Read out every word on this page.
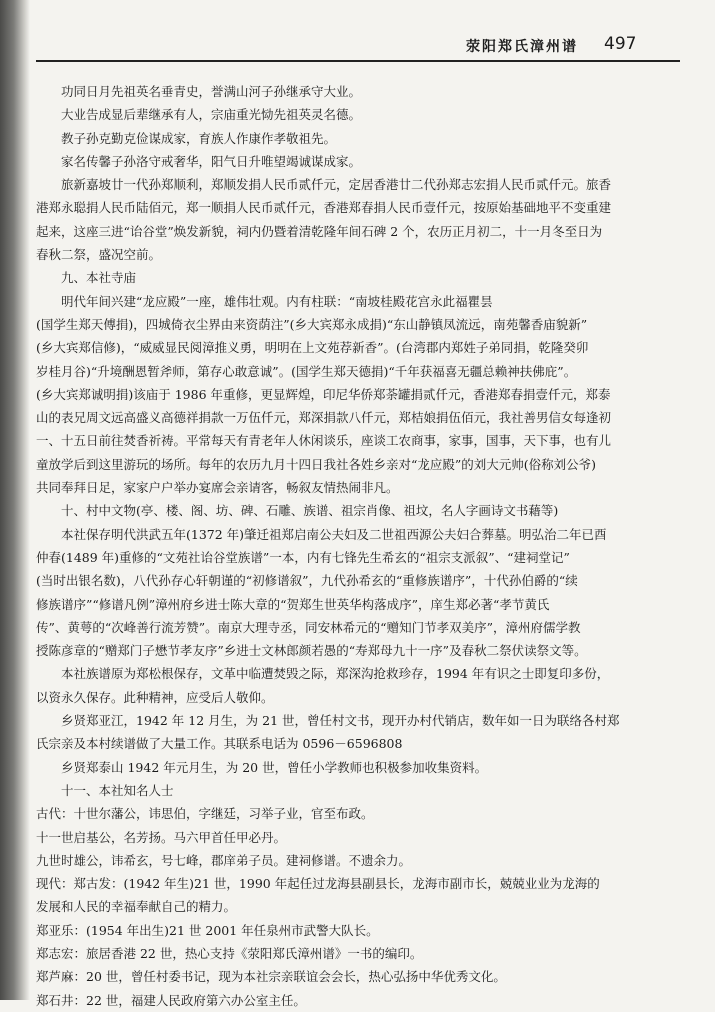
荥阳郑氏漳州谱 497

功同日月先祖英名垂青史，誉满山河子孙继承守大业。

大业告成显后辈继承有人，宗庙重光恸先祖英灵名德。

教子孙克勤克俭谋成家，育族人作康作孝敬祖先。

家名传馨子孙洛守戒奢华，阳气日升唯望竭诚谋成家。

旅新嘉坡廿一代孙郑顺利，郑顺发捐人民币贰仟元，定居香港廿二代孙郑志宏捐人民币贰仟元。旅香

港郑永聪捐人民币陆佰元，郑一顺捐人民币贰仟元，香港郑春捐人民币壹仟元，按原始基础地平不变重建

起来，这座三进“诒谷堂”焕发新貌，祠内仍暨着清乾隆年间石碑 2 个，农历正月初二，十一月冬至日为

春秋二祭，盛况空前。

九、本社寺庙

明代年间兴建“龙应殿”一座，雄伟壮观。内有柱联：“南坡桂殿花宫永此福瞿昙

(国学生郑天傅捐)，四城倚衣尘界由来资荫注”(乡大宾郑永成捐)“东山静镇凤流远，南苑馨香庙貌新”

(乡大宾郑信修)，“威威显民阅漳推义勇，明明在上文苑荐新香”。(台湾郡内郑姓子弟同捐，乾隆癸卯

岁桂月谷)“升境酬恩暂斧师，第存心敢意诚”。(国学生郑天德捐)“千年获福喜无疆总赖神扶佛庇”。

(乡大宾郑诚明捐)该庙于 1986 年重修，更显辉煌，印尼华侨郑荼罐捐贰仟元，香港郑春捐壹仟元，郑泰

山的表兄周文远高盛义高德祥捐款一万伍仟元，郑深捐款八仟元，郑桔娘捐伍佰元，我社善男信女每逢初

一、十五日前往焚香祈祷。平常每天有青老年人休闲谈乐，座谈工农商事，家事，国事，天下事，也有儿

童放学后到这里游玩的场所。每年的农历九月十四日我社各姓乡亲对“龙应殿”的刘大元帅(俗称刘公爷)

共同奉拜日足，家家户户举办宴席会亲请客，畅叙友情热闹非凡。

十、村中文物(亭、楼、阁、坊、碑、石雕、族谱、祖宗肖像、祖坟，名人字画诗文书藉等)

本社保存明代洪武五年(1372 年)肇迁祖郑启南公夫妇及二世祖西源公夫妇合葬墓。明弘治二年已酉

仲春(1489 年)重修的“文苑社诒谷堂族谱”一本，内有七锋先生希玄的“祖宗支派叙”、“建祠堂记”

(当时出银名数)，八代孙存心轩朝谨的“初修谱叙”，九代孙希玄的“重修族谱序”，十代孙伯爵的“续

修族谱序”“修谱凡例”漳州府乡进士陈大章的“贺郑生世英华构落成序”，庠生郑必著“孝节黄氏

传”、黄萼的“次峰善行流芳赞”。南京大理寺丞，同安林希元的“赠知门节孝双美序”，漳州府儒学教

授陈彦章的“赠郑门子懋节孝友序”乡进士文林郎颜若愚的“寿郑母九十一序”及春秋二祭伏读祭文等。

本社族谱原为郑松根保存，文革中临遭焚毁之际，郑深沟抢救珍存，1994 年有识之士即复印多份，

以资永久保存。此种精神，应受后人敬仰。

乡贤郑亚江，1942 年 12 月生，为 21 世，曾任村文书，现开办村代销店，数年如一日为联络各村郑

氏宗亲及本村续谱做了大量工作。其联系电话为 0596－6596808

乡贤郑泰山 1942 年元月生，为 20 世，曾任小学教师也积极参加收集资料。

十一、本社知名人士

古代：十世尔藩公，讳思伯，字继廷，习举子业，官至布政。

十一世启基公，名芳扬。马六甲首任甲必丹。

九世时雄公，讳希玄，号七峰，郡庠弟子员。建祠修谱。不遗余力。

现代：郑古发：(1942 年生)21 世，1990 年起任过龙海县副县长，龙海市副市长，兢兢业业为龙海的

发展和人民的幸福奉献自己的精力。

郑亚乐：(1954 年出生)21 世 2001 年任泉州市武警大队长。

郑志宏：旅居香港 22 世，热心支持《荥阳郑氏漳州谱》一书的编印。

郑芦麻：20 世，曾任村委书记，现为本社宗亲联谊会会长，热心弘扬中华优秀文化。

郑石井：22 世，福建人民政府第六办公室主任。
